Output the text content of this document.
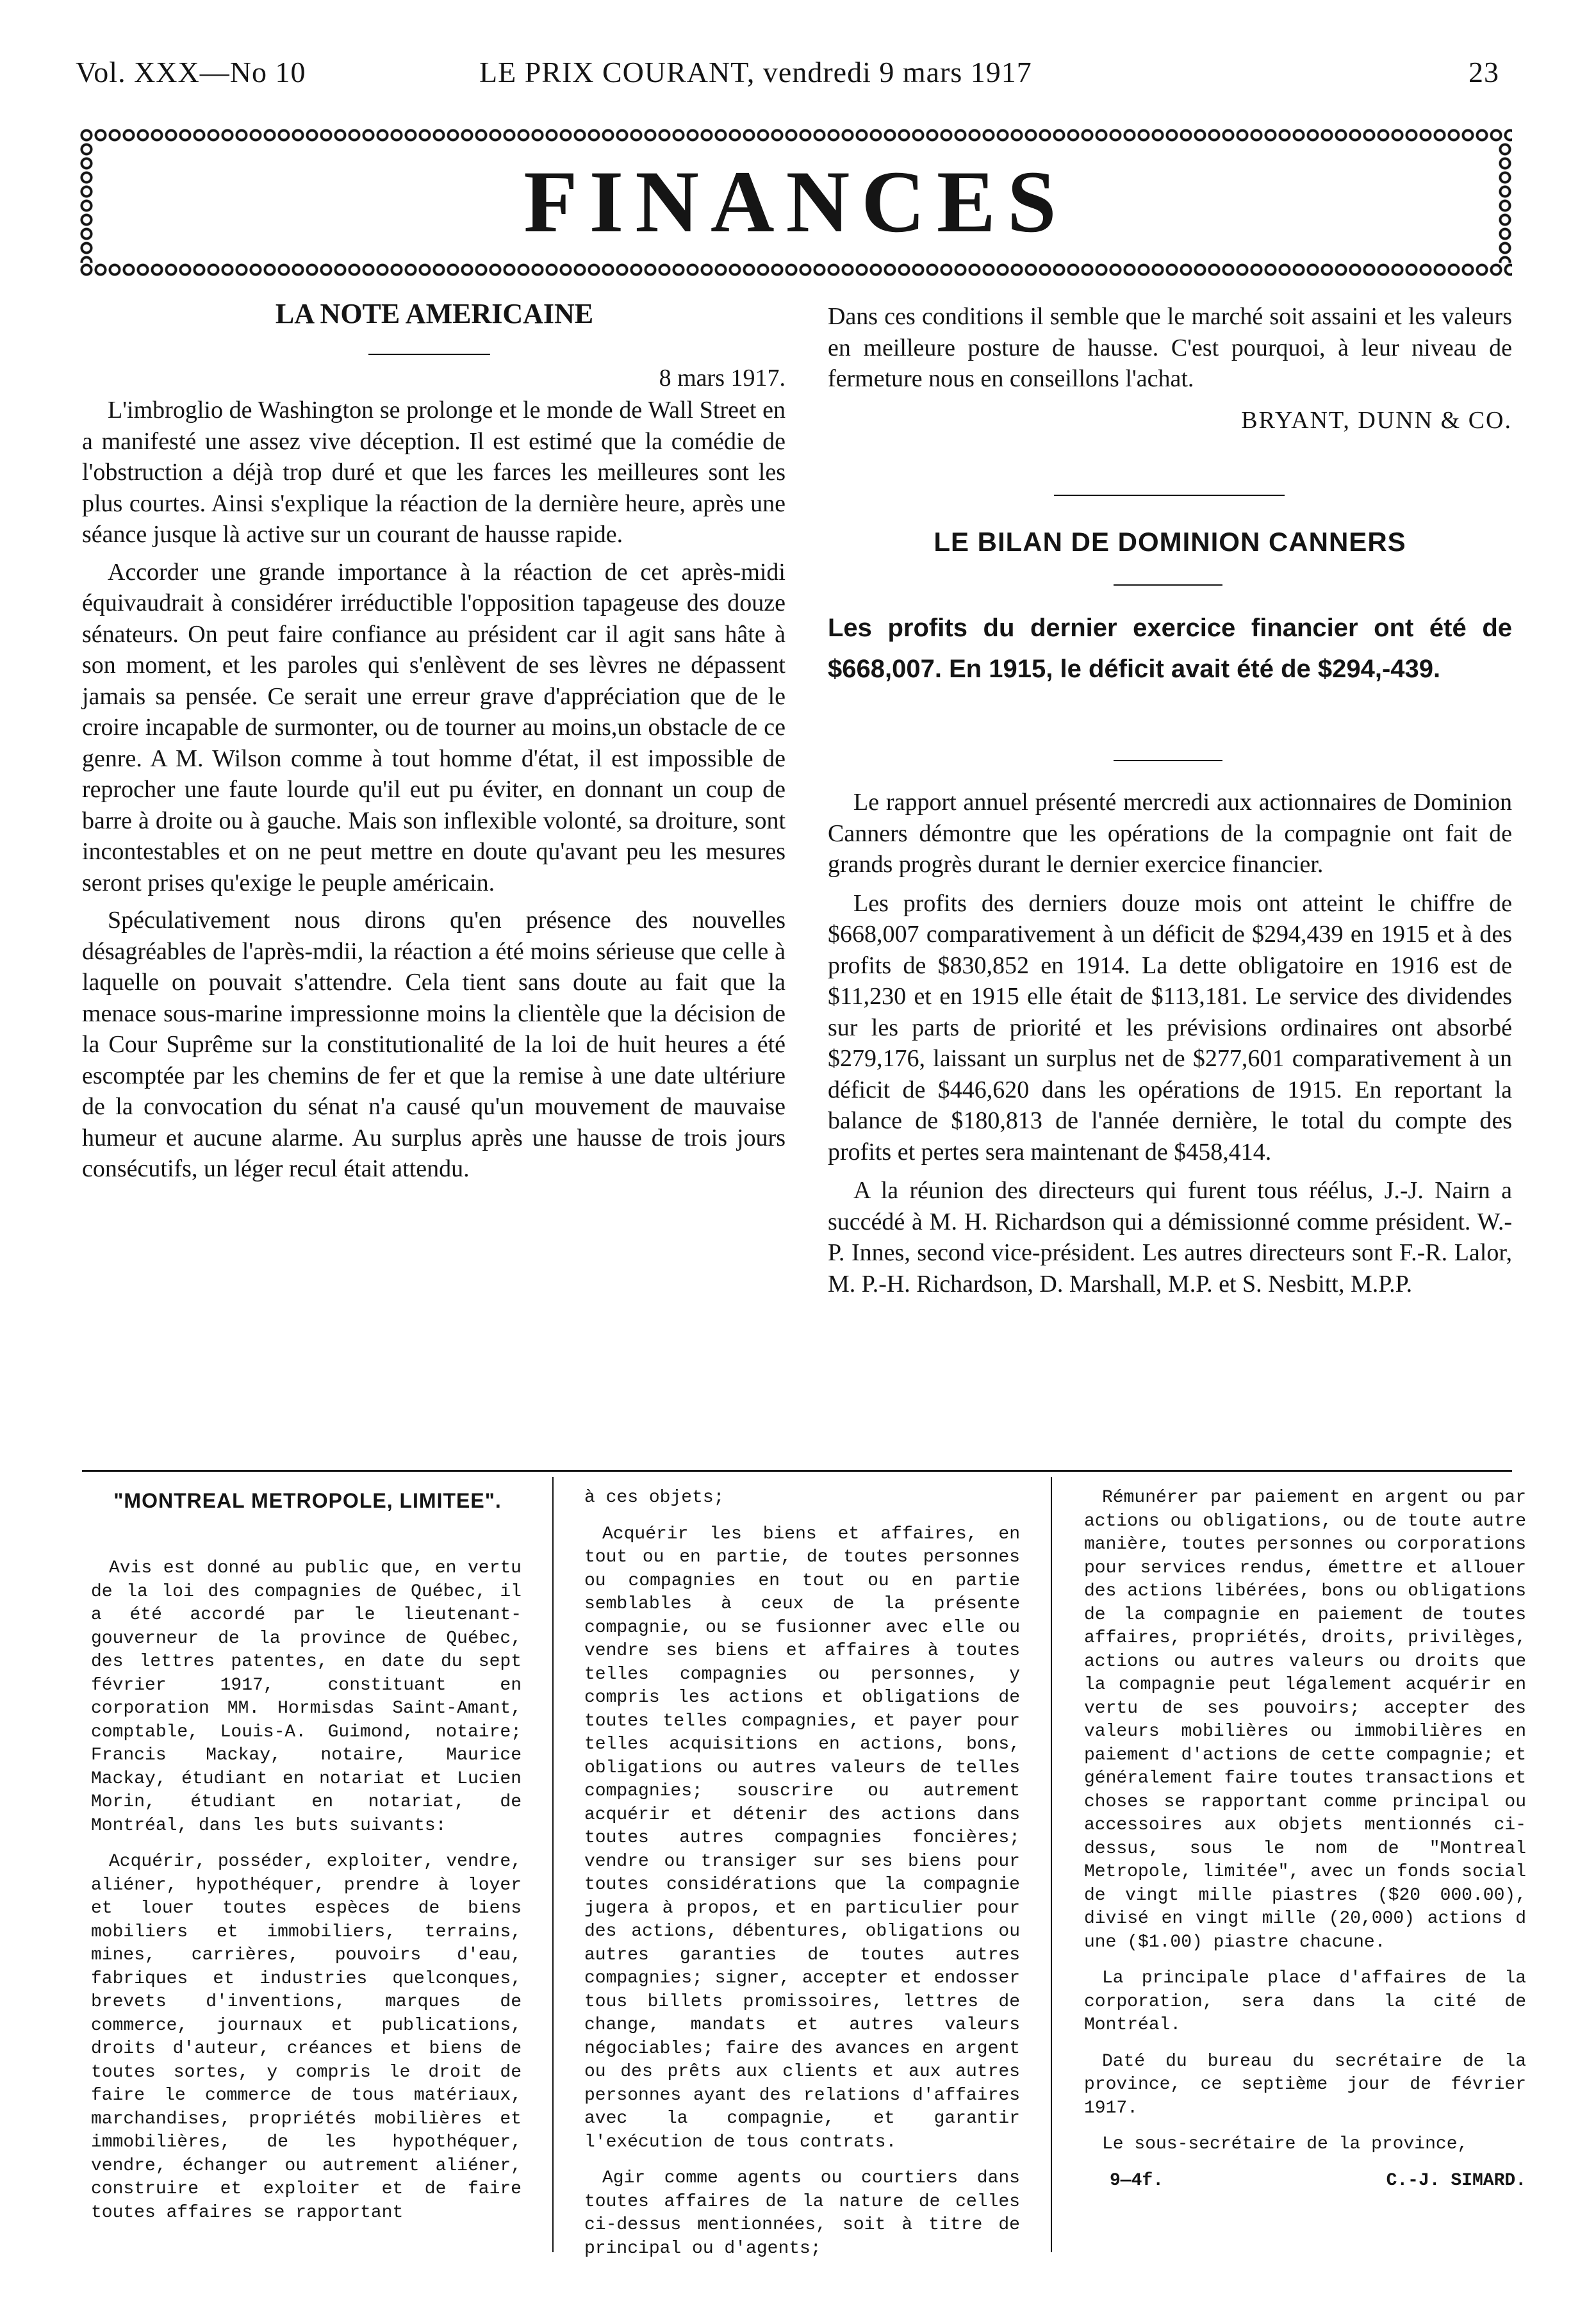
Vol. XXX—No 10	LE PRIX COURANT, vendredi 9 mars 1917	23
FINANCES
LA NOTE AMERICAINE
8 mars 1917.

L'imbroglio de Washington se prolonge et le monde de Wall Street en a manifesté une assez vive déception. Il est estimé que la comédie de l'obstruction a déjà trop duré et que les farces les meilleures sont les plus courtes. Ainsi s'explique la réaction de la dernière heure, après une séance jusque là active sur un courant de hausse rapide.

Accorder une grande importance à la réaction de cet après-midi équivaudrait à considérer irréductible l'opposition tapageuse des douze sénateurs. On peut faire confiance au président car il agit sans hâte à son moment, et les paroles qui s'enlèvent de ses lèvres ne dépassent jamais sa pensée. Ce serait une erreur grave d'appréciation que de le croire incapable de surmonter, ou de tourner au moins,un obstacle de ce genre. A M. Wilson comme à tout homme d'état, il est impossible de reprocher une faute lourde qu'il eut pu éviter, en donnant un coup de barre à droite ou à gauche. Mais son inflexible volonté, sa droiture, sont incontestables et on ne peut mettre en doute qu'avant peu les mesures seront prises qu'exige le peuple américain.

Spéculativement nous dirons qu'en présence des nouvelles désagréables de l'après-mdii, la réaction a été moins sérieuse que celle à laquelle on pouvait s'attendre. Cela tient sans doute au fait que la menace sous-marine impressionne moins la clientèle que la décision de la Cour Suprême sur la constitutionalité de la loi de huit heures a été escomptée par les chemins de fer et que la remise à une date ultériure de la convocation du sénat n'a causé qu'un mouvement de mauvaise humeur et aucune alarme. Au surplus après une hausse de trois jours consécutifs, un léger recul était attendu.

Dans ces conditions il semble que le marché soit assaini et les valeurs en meilleure posture de hausse. C'est pourquoi, à leur niveau de fermeture nous en conseillons l'achat.

BRYANT, DUNN & CO.
LE BILAN DE DOMINION CANNERS
Les profits du dernier exercice financier ont été de $668,007. En 1915, le déficit avait été de $294,-439.

Le rapport annuel présenté mercredi aux actionnaires de Dominion Canners démontre que les opérations de la compagnie ont fait de grands progrès durant le dernier exercice financier.

Les profits des derniers douze mois ont atteint le chiffre de $668,007 comparativement à un déficit de $294,439 en 1915 et à des profits de $830,852 en 1914. La dette obligatoire en 1916 est de $11,230 et en 1915 elle était de $113,181. Le service des dividendes sur les parts de priorité et les prévisions ordinaires ont absorbé $279,176, laissant un surplus net de $277,601 comparativement à un déficit de $446,620 dans les opérations de 1915. En reportant la balance de $180,813 de l'année dernière, le total du compte des profits et pertes sera maintenant de $458,414.

A la réunion des directeurs qui furent tous réélus, J.-J. Nairn a succédé à M. H. Richardson qui a démissionné comme président. W.-P. Innes, second vice-président. Les autres directeurs sont F.-R. Lalor, M. P.-H. Richardson, D. Marshall, M.P. et S. Nesbitt, M.P.P.

"MONTREAL METROPOLE, LIMITEE".

Avis est donné au public que, en vertu de la loi des compagnies de Québec, il a été accordé par le lieutenant-gouverneur de la province de Québec, des lettres patentes, en date du sept février 1917, constituant en corporation MM. Hormisdas Saint-Amant, comptable, Louis-A. Guimond, notaire; Francis Mackay, notaire, Maurice Mackay, étudiant en notariat et Lucien Morin, étudiant en notariat, de Montréal, dans les buts suivants:

Acquérir, posséder, exploiter, vendre, aliéner, hypothéquer, prendre à loyer et louer toutes espèces de biens mobiliers et immobiliers, terrains, mines, carrières, pouvoirs d'eau, fabriques et industries quelconques, brevets d'inventions, marques de commerce, journaux et publications, droits d'auteur, créances et biens de toutes sortes, y compris le droit de faire le commerce de tous matériaux, marchandises, propriétés mobilières et immobilières, de les hypothéquer, vendre, échanger ou autrement aliéner, construire et exploiter et de faire toutes affaires se rapportant

à ces objets;

Acquérir les biens et affaires, en tout ou en partie, de toutes personnes ou compagnies en tout ou en partie semblables à ceux de la présente compagnie, ou se fusionner avec elle ou vendre ses biens et affaires à toutes telles compagnies ou personnes, y compris les actions et obligations de toutes telles compagnies, et payer pour telles acquisitions en actions, bons, obligations ou autres valeurs de telles compagnies; souscrire ou autrement acquérir et détenir des actions dans toutes autres compagnies foncières; vendre ou transiger sur ses biens pour toutes considérations que la compagnie jugera à propos, et en particulier pour des actions, débentures, obligations ou autres garanties de toutes autres compagnies; signer, accepter et endosser tous billets promissoires, lettres de change, mandats et autres valeurs négociables; faire des avances en argent ou des prêts aux clients et aux autres personnes ayant des relations d'affaires avec la compagnie, et garantir l'exécution de tous contrats.

Agir comme agents ou courtiers dans toutes affaires de la nature de celles ci-dessus mentionnées, soit à titre de principal ou d'agents;

Rémunérer par paiement en argent ou par actions ou obligations, ou de toute autre manière, toutes personnes ou corporations pour services rendus, émettre et allouer des actions libérées, bons ou obligations de la compagnie en paiement de toutes affaires, propriétés, droits, privilèges, actions ou autres valeurs ou droits que la compagnie peut légalement acquérir en vertu de ses pouvoirs; accepter des valeurs mobilières ou immobilières en paiement d'actions de cette compagnie; et généralement faire toutes transactions et choses se rapportant comme principal ou accessoires aux objets mentionnés ci-dessus, sous le nom de "Montreal Metropole, limitée", avec un fonds social de vingt mille piastres ($20 000.00), divisé en vingt mille (20,000) actions d une ($1.00) piastre chacune.

La principale place d'affaires de la corporation, sera dans la cité de Montréal.

Daté du bureau du secrétaire de la province, ce septième jour de février 1917.

Le sous-secrétaire de la province,

9—4f.	C.-J. SIMARD.
